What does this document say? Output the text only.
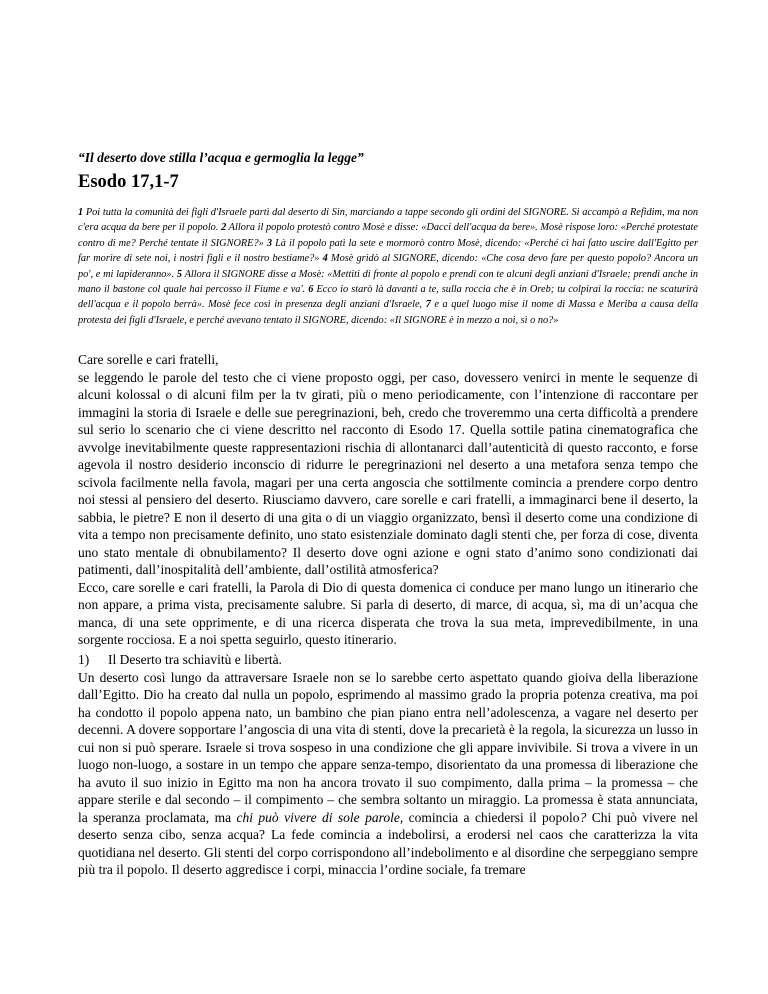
“Il deserto dove stilla l’acqua e germoglia la legge”
Esodo 17,1-7
1 Poi tutta la comunità dei figli d'Israele partì dal deserto di Sin, marciando a tappe secondo gli ordini del SIGNORE. Si accampò a Refidim, ma non c'era acqua da bere per il popolo. 2 Allora il popolo protestò contro Mosè e disse: «Dacci dell'acqua da bere». Mosè rispose loro: «Perché protestate contro di me? Perché tentate il SIGNORE?» 3 Là il popolo patì la sete e mormorò contro Mosè, dicendo: «Perché ci hai fatto uscire dall'Egitto per far morire di sete noi, i nostri figli e il nostro bestiame?» 4 Mosè gridò al SIGNORE, dicendo: «Che cosa devo fare per questo popolo? Ancora un po', e mi lapideranno». 5 Allora il SIGNORE disse a Mosè: «Mettiti di fronte al popolo e prendi con te alcuni degli anziani d'Israele; prendi anche in mano il bastone col quale hai percosso il Fiume e va'. 6 Ecco io starò là davanti a te, sulla roccia che è in Oreb; tu colpirai la roccia: ne scaturirà dell'acqua e il popolo berrà». Mosè fece così in presenza degli anziani d'Israele, 7 e a quel luogo mise il nome di Massa e Meriba a causa della protesta dei figli d'Israele, e perché avevano tentato il SIGNORE, dicendo: «Il SIGNORE è in mezzo a noi, sì o no?»

Care sorelle e cari fratelli,

se leggendo le parole del testo che ci viene proposto oggi, per caso, dovessero venirci in mente le sequenze di alcuni kolossal o di alcuni film per la tv girati, più o meno periodicamente, con l’intenzione di raccontare per immagini la storia di Israele e delle sue peregrinazioni, beh, credo che troveremmo una certa difficoltà a prendere sul serio lo scenario che ci viene descritto nel racconto di Esodo 17. Quella sottile patina cinematografica che avvolge inevitabilmente queste rappresentazioni rischia di allontanarci dall’autenticità di questo racconto, e forse agevola il nostro desiderio inconscio di ridurre le peregrinazioni nel deserto a una metafora senza tempo che scivola facilmente nella favola, magari per una certa angoscia che sottilmente comincia a prendere corpo dentro noi stessi al pensiero del deserto. Riusciamo davvero, care sorelle e cari fratelli, a immaginarci bene il deserto, la sabbia, le pietre? E non il deserto di una gita o di un viaggio organizzato, bensì il deserto come una condizione di vita a tempo non precisamente definito, uno stato esistenziale dominato dagli stenti che, per forza di cose, diventa uno stato mentale di obnubilamento? Il deserto dove ogni azione e ogni stato d’animo sono condizionati dai patimenti, dall’inospitalità dell’ambiente, dall’ostilità atmosferica?

Ecco, care sorelle e cari fratelli, la Parola di Dio di questa domenica ci conduce per mano lungo un itinerario che non appare, a prima vista, precisamente salubre. Si parla di deserto, di marce, di acqua, sì, ma di un’acqua che manca, di una sete opprimente, e di una ricerca disperata che trova la sua meta, imprevedibilmente, in una sorgente rocciosa. E a noi spetta seguirlo, questo itinerario.

1)	Il Deserto tra schiavitù e libertà.

Un deserto così lungo da attraversare Israele non se lo sarebbe certo aspettato quando gioiva della liberazione dall’Egitto. Dio ha creato dal nulla un popolo, esprimendo al massimo grado la propria potenza creativa, ma poi ha condotto il popolo appena nato, un bambino che pian piano entra nell’adolescenza, a vagare nel deserto per decenni. A dovere sopportare l’angoscia di una vita di stenti, dove la precarietà è la regola, la sicurezza un lusso in cui non si può sperare. Israele si trova sospeso in una condizione che gli appare invivibile. Si trova a vivere in un luogo non-luogo, a sostare in un tempo che appare senza-tempo, disorientato da una promessa di liberazione che ha avuto il suo inizio in Egitto ma non ha ancora trovato il suo compimento, dalla prima – la promessa – che appare sterile e dal secondo – il compimento – che sembra soltanto un miraggio. La promessa è stata annunciata, la speranza proclamata, ma chi può vivere di sole parole, comincia a chiedersi il popolo? Chi può vivere nel deserto senza cibo, senza acqua? La fede comincia a indebolirsi, a erodersi nel caos che caratterizza la vita quotidiana nel deserto. Gli stenti del corpo corrispondono all’indebolimento e al disordine che serpeggiano sempre più tra il popolo. Il deserto aggredisce i corpi, minaccia l’ordine sociale, fa tremare
